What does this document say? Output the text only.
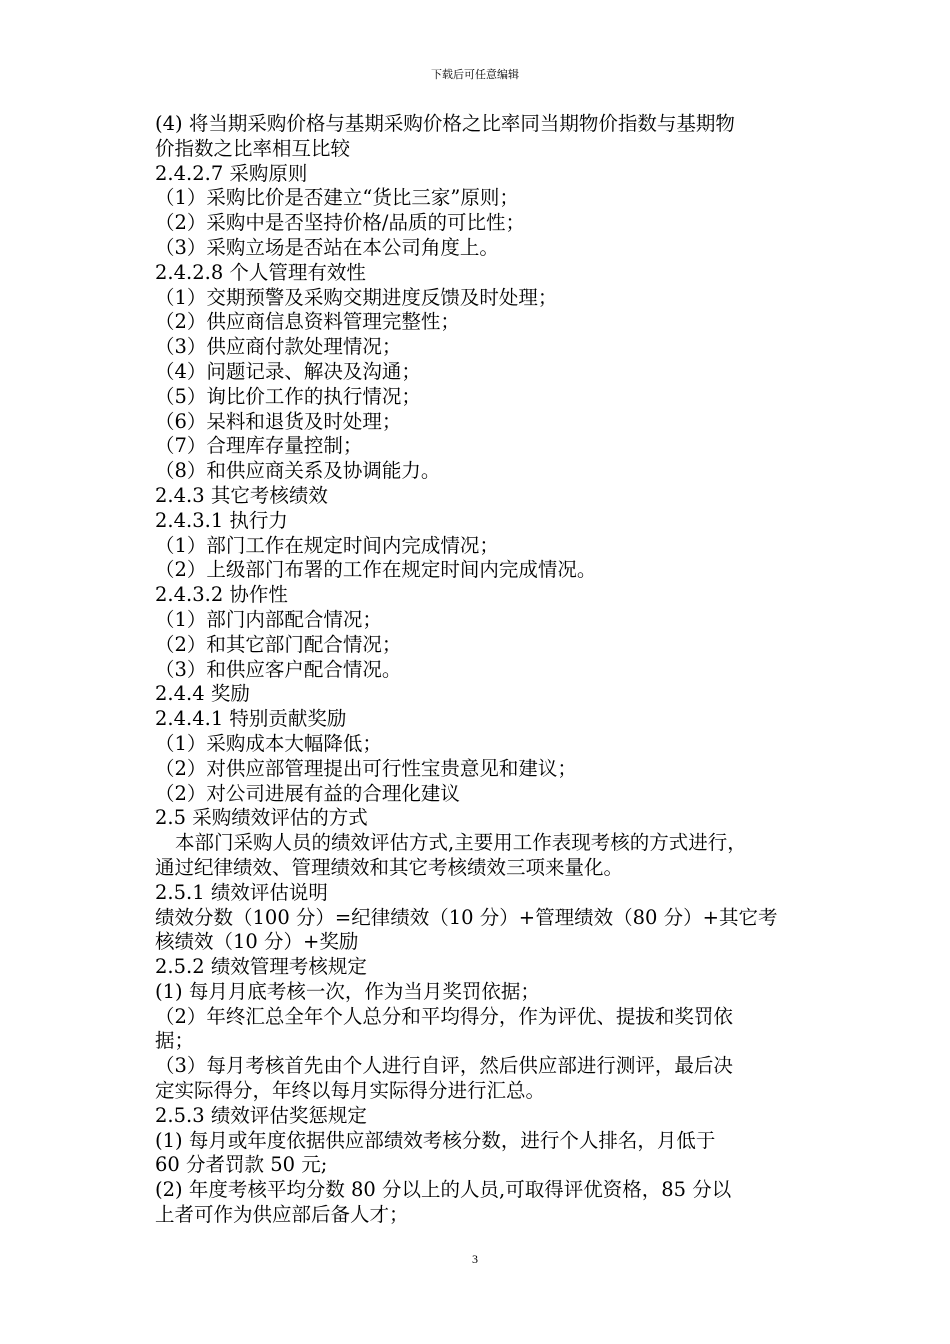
下载后可任意编辑
(4) 将当期采购价格与基期采购价格之比率同当期物价指数与基期物
价指数之比率相互比较
2.4.2.7 采购原则
（1）采购比价是否建立“货比三家”原则；
（2）采购中是否坚持价格/品质的可比性；
（3）采购立场是否站在本公司角度上。
2.4.2.8 个人管理有效性
（1）交期预警及采购交期进度反馈及时处理；
（2）供应商信息资料管理完整性；
（3）供应商付款处理情况；
（4）问题记录、解决及沟通；
（5）询比价工作的执行情况；
（6）呆料和退货及时处理；
（7）合理库存量控制；
（8）和供应商关系及协调能力。
2.4.3 其它考核绩效
2.4.3.1 执行力
（1）部门工作在规定时间内完成情况；
（2）上级部门布署的工作在规定时间内完成情况。
2.4.3.2 协作性
（1）部门内部配合情况；
（2）和其它部门配合情况；
（3）和供应客户配合情况。
2.4.4 奖励
2.4.4.1 特别贡献奖励
（1）采购成本大幅降低；
（2）对供应部管理提出可行性宝贵意见和建议；
（2）对公司进展有益的合理化建议
2.5 采购绩效评估的方式
本部门采购人员的绩效评估方式,主要用工作表现考核的方式进行，
通过纪律绩效、管理绩效和其它考核绩效三项来量化。
2.5.1 绩效评估说明
绩效分数（100 分）=纪律绩效（10 分）+管理绩效（80 分）+其它考
核绩效（10 分）+奖励
2.5.2 绩效管理考核规定
(1) 每月月底考核一次，作为当月奖罚依据；
（2）年终汇总全年个人总分和平均得分，作为评优、提拔和奖罚依
据；
（3）每月考核首先由个人进行自评，然后供应部进行测评，最后决
定实际得分，年终以每月实际得分进行汇总。
2.5.3 绩效评估奖惩规定
(1) 每月或年度依据供应部绩效考核分数，进行个人排名，月低于
60 分者罚款 50 元;
(2) 年度考核平均分数 80 分以上的人员,可取得评优资格，85 分以
上者可作为供应部后备人才；
3
